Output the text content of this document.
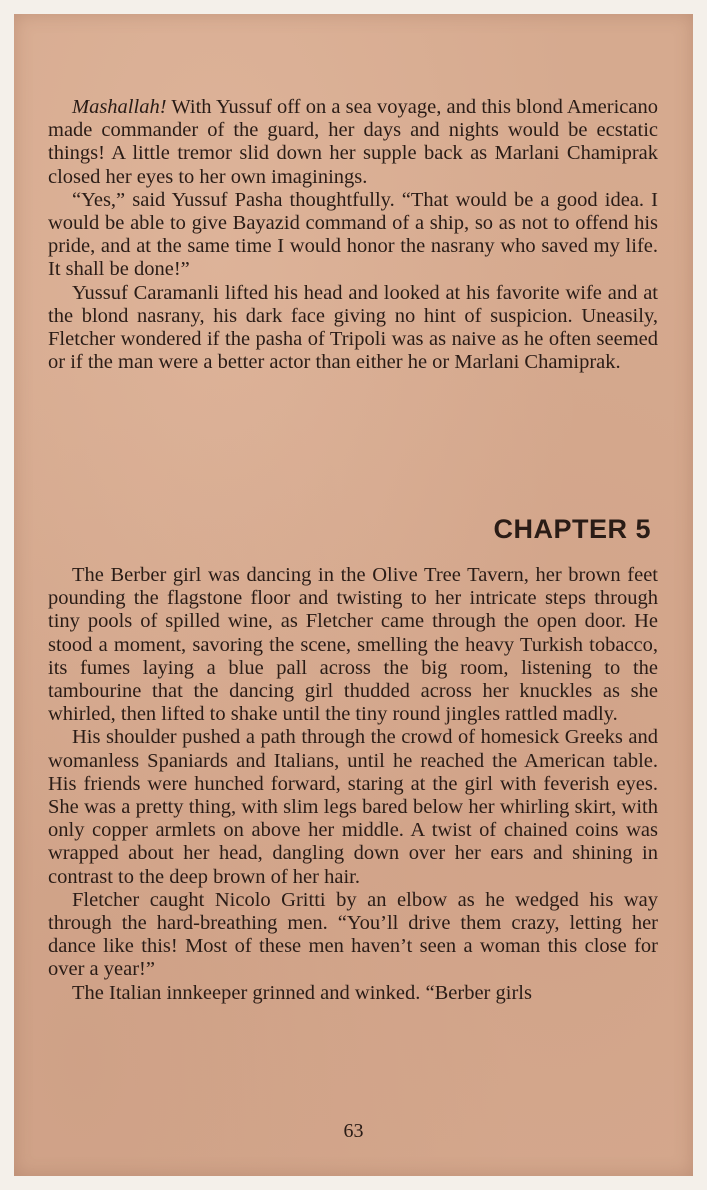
Mashallah! With Yussuf off on a sea voyage, and this blond Americano made commander of the guard, her days and nights would be ecstatic things! A little tremor slid down her supple back as Marlani Chamiprak closed her eyes to her own imaginings.

“Yes,” said Yussuf Pasha thoughtfully. “That would be a good idea. I would be able to give Bayazid command of a ship, so as not to offend his pride, and at the same time I would honor the nasrany who saved my life. It shall be done!”

Yussuf Caramanli lifted his head and looked at his favorite wife and at the blond nasrany, his dark face giving no hint of suspicion. Uneasily, Fletcher wondered if the pasha of Tripoli was as naive as he often seemed or if the man were a better actor than either he or Marlani Chamiprak.

CHAPTER 5

The Berber girl was dancing in the Olive Tree Tavern, her brown feet pounding the flagstone floor and twisting to her intricate steps through tiny pools of spilled wine, as Fletcher came through the open door. He stood a moment, savoring the scene, smelling the heavy Turkish tobacco, its fumes laying a blue pall across the big room, listening to the tambourine that the dancing girl thudded across her knuckles as she whirled, then lifted to shake until the tiny round jingles rattled madly.

His shoulder pushed a path through the crowd of homesick Greeks and womanless Spaniards and Italians, until he reached the American table. His friends were hunched forward, staring at the girl with feverish eyes. She was a pretty thing, with slim legs bared below her whirling skirt, with only copper armlets on above her middle. A twist of chained coins was wrapped about her head, dangling down over her ears and shining in contrast to the deep brown of her hair.

Fletcher caught Nicolo Gritti by an elbow as he wedged his way through the hard-breathing men. “You’ll drive them crazy, letting her dance like this! Most of these men haven’t seen a woman this close for over a year!”

The Italian innkeeper grinned and winked. “Berber girls

63
